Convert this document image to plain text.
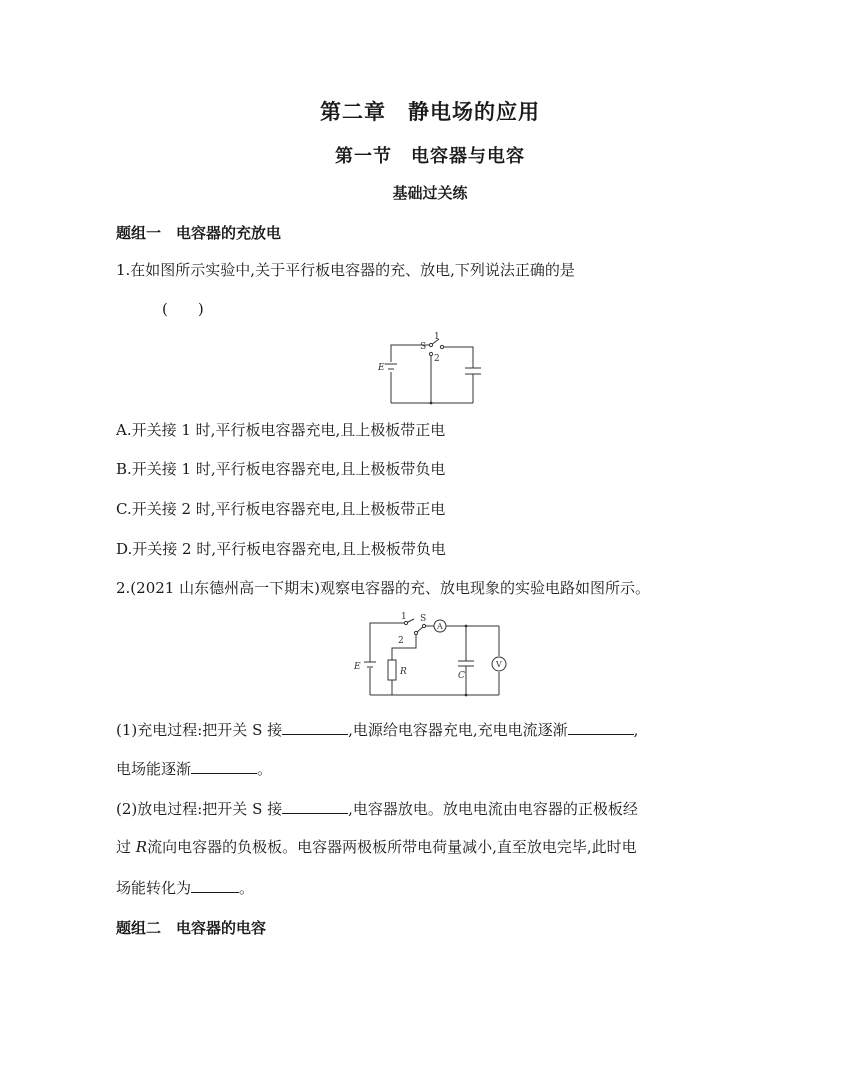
第二章　静电场的应用
第一节　电容器与电容
基础过关练
题组一　电容器的充放电
1.在如图所示实验中,关于平行板电容器的充、放电,下列说法正确的是
(　　)
S
1
2
E
A.开关接 1 时,平行板电容器充电,且上极板带正电
B.开关接 1 时,平行板电容器充电,且上极板带负电
C.开关接 2 时,平行板电容器充电,且上极板带正电
D.开关接 2 时,平行板电容器充电,且上极板带负电
2.(2021 山东德州高一下期末)观察电容器的充、放电现象的实验电路如图所示。
1 S
A
2
E	R	C
V
(1)充电过程:把开关 S 接	,电源给电容器充电,充电电流逐渐	,
电场能逐渐	。
(2)放电过程:把开关 S 接	,电容器放电。放电电流由电容器的正极板经
过 R流向电容器的负极板。电容器两极板所带电荷量减小,直至放电完毕,此时电
场能转化为	。
题组二　电容器的电容
